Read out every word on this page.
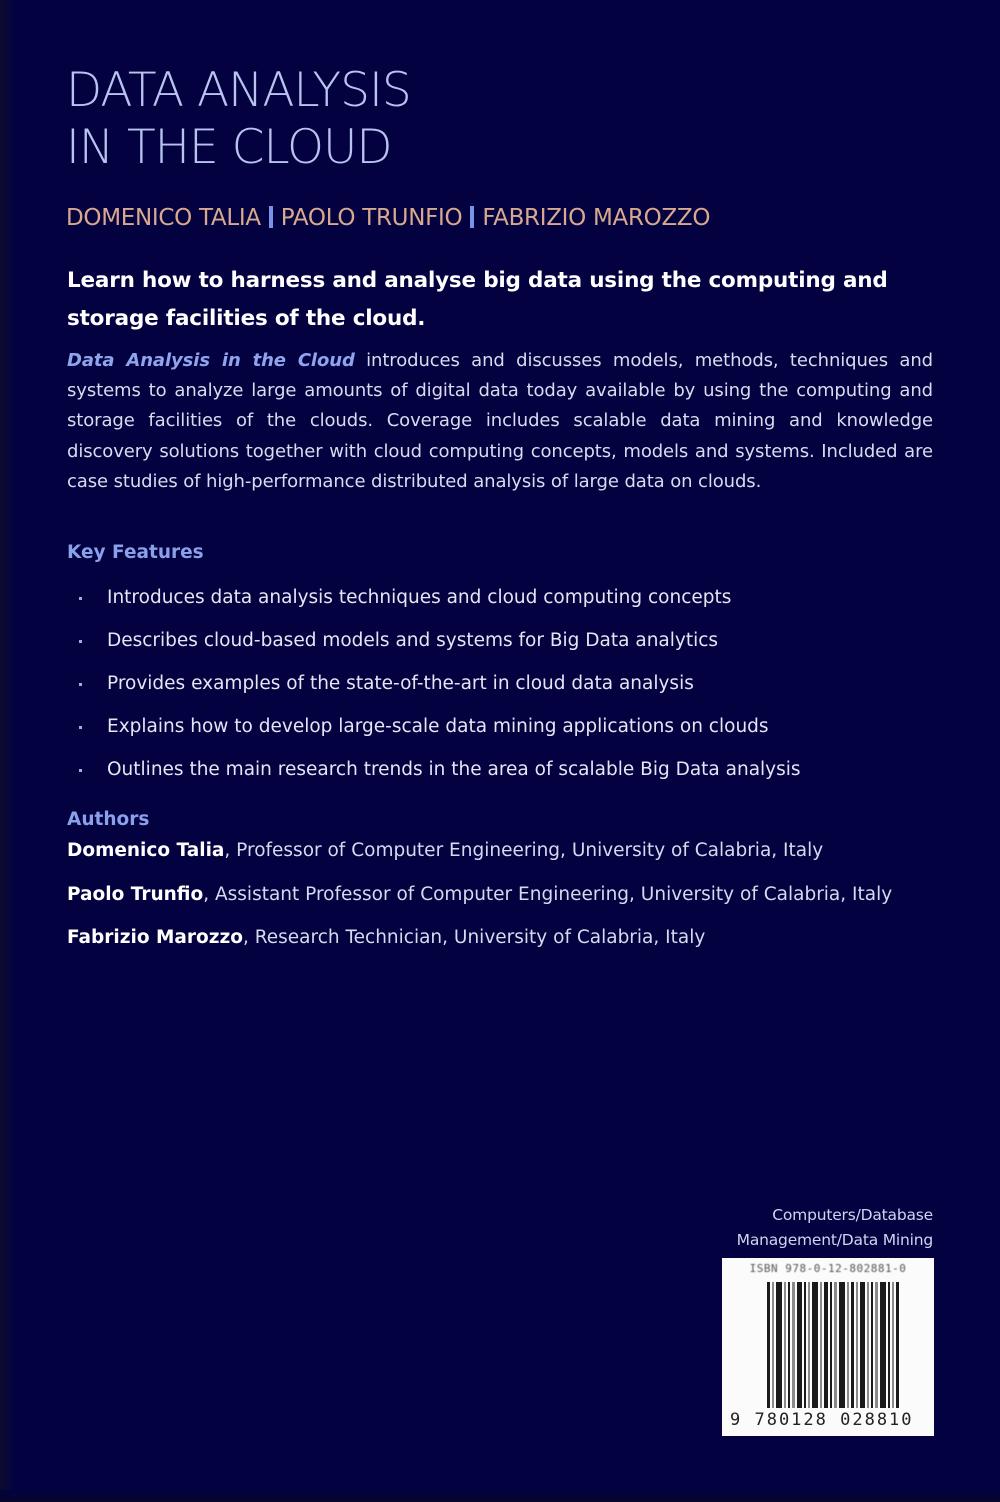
DATA ANALYSIS
IN THE CLOUD
DOMENICO TALIA PAOLO TRUNFIO FABRIZIO MAROZZO

Learn how to harness and analyse big data using the computing and storage facilities of the cloud.

Data Analysis in the Cloud introduces and discusses models, methods, techniques and systems to analyze large amounts of digital data today available by using the computing and storage facilities of the clouds. Coverage includes scalable data mining and knowledge discovery solutions together with cloud computing concepts, models and systems. Included are case studies of high-performance distributed analysis of large data on clouds.

Key Features
Introduces data analysis techniques and cloud computing concepts
Describes cloud-based models and systems for Big Data analytics
Provides examples of the state-of-the-art in cloud data analysis
Explains how to develop large-scale data mining applications on clouds
Outlines the main research trends in the area of scalable Big Data analysis
Authors
Domenico Talia, Professor of Computer Engineering, University of Calabria, Italy
Paolo Trunfio, Assistant Professor of Computer Engineering, University of Calabria, Italy
Fabrizio Marozzo, Research Technician, University of Calabria, Italy
Computers/Database
Management/Data Mining
ISBN 978-0-12-802881-0
9 780128 028810
